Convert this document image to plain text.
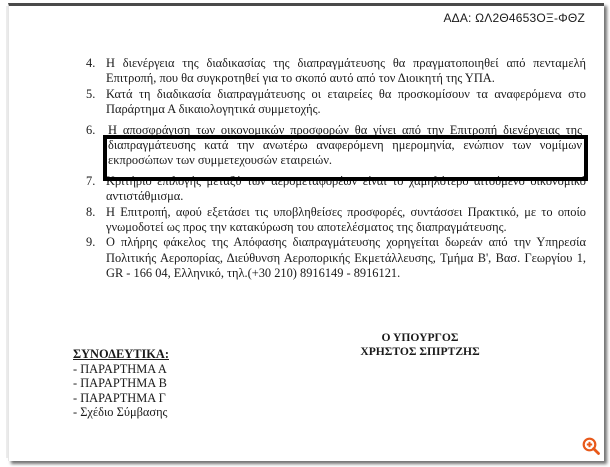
ΑΔΑ: ΩΛ2Θ4653ΟΞ-ΦΘΖ
4. Η διενέργεια της διαδικασίας της διαπραγμάτευσης θα πραγματοποιηθεί από πενταμελή Επιτροπή, που θα συγκροτηθεί για το σκοπό αυτό από τον Διοικητή της ΥΠΑ.
5. Κατά τη διαδικασία διαπραγμάτευσης οι εταιρείες θα προσκομίσουν τα αναφερόμενα στο Παράρτημα Α δικαιολογητικά συμμετοχής.
6.	Η αποσφράγιση των οικονομικών προσφορών θα γίνει από την Επιτροπή διενέργειας της διαπραγμάτευσης κατά την ανωτέρω αναφερόμενη ημερομηνία, ενώπιον των νομίμων εκπροσώπων των συμμετεχουσών εταιρειών.
7. Κριτήριο επιλογής μεταξύ των αερομεταφορέων είναι το χαμηλότερο αιτούμενο οικονομικό αντιστάθμισμα.
8. Η Επιτροπή, αφού εξετάσει τις υποβληθείσες προσφορές, συντάσσει Πρακτικό, με το οποίο γνωμοδοτεί ως προς την κατακύρωση του αποτελέσματος της διαπραγμάτευσης.
9. Ο πλήρης φάκελος της Απόφασης διαπραγμάτευσης χορηγείται δωρεάν από την Υπηρεσία Πολιτικής Αεροπορίας, Διεύθυνση Αεροπορικής Εκμετάλλευσης, Τμήμα Β', Βασ. Γεωργίου 1, GR - 166 04, Ελληνικό, τηλ.(+30 210) 8916149 - 8916121.
Ο ΥΠΟΥΡΓΟΣ
ΧΡΗΣΤΟΣ ΣΠΙΡΤΖΗΣ
ΣΥΝΟΔΕΥΤΙΚΑ:
- ΠΑΡΑΡΤΗΜΑ Α
- ΠΑΡΑΡΤΗΜΑ Β
- ΠΑΡΑΡΤΗΜΑ Γ
- Σχέδιο Σύμβασης
